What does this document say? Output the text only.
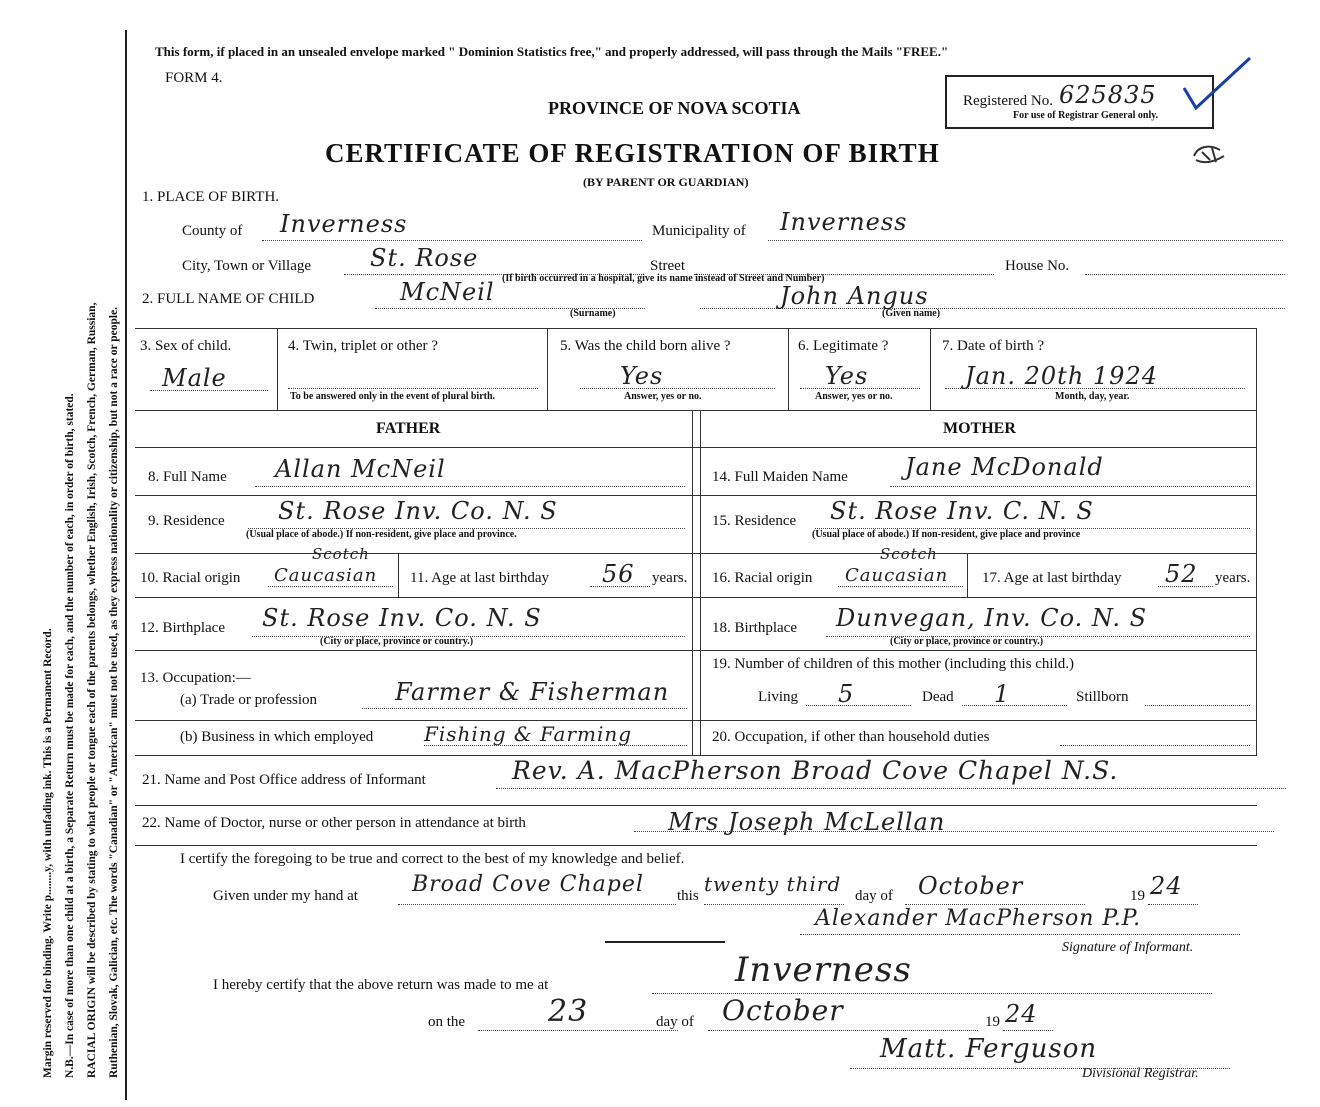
Margin reserved for binding. Write p........y, with unfading ink. This is a Permanent Record. N.B.—In case of more than one child at a birth, a Separate Return must be made for each, and the number of each, in order of birth, stated. RACIAL ORIGIN will be described by stating to what people or tongue each of the parents belongs, whether English, Irish, Scotch, French, German, Russian, Ruthenian, Slovak, Galician, etc. The words "Canadian" or "American" must not be used, as they express nationality or citizenship, but not a race or people.
This form, if placed in an unsealed envelope marked " Dominion Statistics free," and properly addressed, will pass through the Mails "FREE."
FORM 4.
PROVINCE OF NOVA SCOTIA
CERTIFICATE OF REGISTRATION OF BIRTH
(BY PARENT OR GUARDIAN)
Registered No. 625835
For use of Registrar General only.
1. PLACE OF BIRTH.
County of Inverness	Municipality of Inverness
City, Town or Village St. Rose	Street	House No.
(If birth occurred in a hospital, give its name instead of Street and Number)
2. FULL NAME OF CHILD	McNeil
(Surname)
John Angus
(Given name)
3. Sex of child.
Male
4. Twin, triplet or other ?
To be answered only in the event of plural birth.
5. Was the child born alive ?
Yes
Answer, yes or no.
6. Legitimate ?
Yes
Answer, yes or no.
7. Date of birth ?
Jan. 20th 1924
Month, day, year.
FATHER	MOTHER
8. Full Name Allan McNeil
9. Residence St. Rose Inv. Co. N. S
(Usual place of abode.) If non-resident, give place and province.
10. Racial origin
Scotch
Caucasian 11. Age at last birthday 56 years.
12. Birthplace St. Rose Inv. Co. N. S
(City or place, province or country.)
13. Occupation:—
(a) Trade or profession	Farmer & Fisherman
(b) Business in which employed	Fishing & Farming
14. Full Maiden Name Jane McDonald
15. Residence St. Rose Inv. C. N. S
(Usual place of abode.) If non-resident, give place and province
16. Racial origin
Scotch
Caucasian 17. Age at last birthday 52 years.
18. Birthplace Dunvegan, Inv. Co. N. S
(City or place, province or country.)
19. Number of children of this mother (including this child.)
Living 5	Dead 1	Stillborn
20. Occupation, if other than household duties
21. Name and Post Office address of Informant	Rev. A. MacPherson Broad Cove Chapel N.S.
22. Name of Doctor, nurse or other person in attendance at birth	Mrs Joseph McLellan
I certify the foregoing to be true and correct to the best of my knowledge and belief.
Given under my hand at Broad Cove Chapel this twenty third day of October	19 24
Alexander MacPherson P.P.
Signature of Informant.
I hereby certify that the above return was made to me at	Inverness
on the	23	day of October	19 24
Matt. Ferguson
Divisional Registrar.
